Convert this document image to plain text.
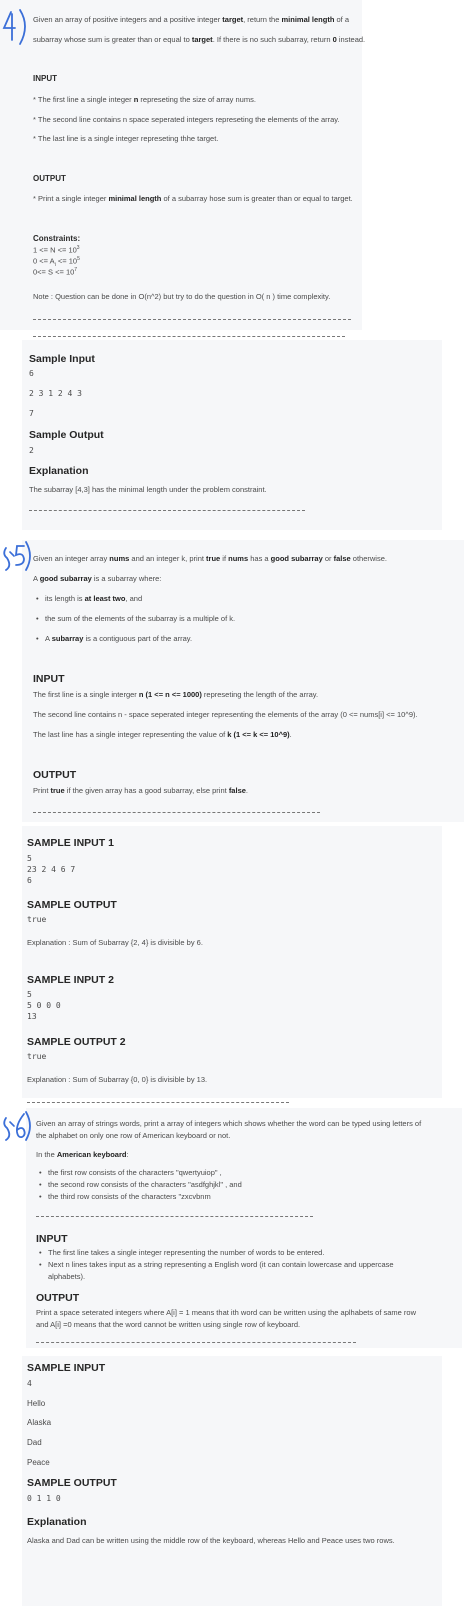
Given an array of positive integers and a positive integer target, return the minimal length of a
subarray whose sum is greater than or equal to target. If there is no such subarray, return 0 instead.
INPUT
* The first line a single integer n represeting the size of array nums.
* The second line contains n space seperated integers represeting the elements of the array.
* The last line is a single integer represeting thhe target.
OUTPUT
* Print a single integer minimal length of a subarray hose sum is greater than or equal to target.
Constraints:
$1 <= N <= 10^3$
$0 <= A_i <= 10^5$
$0<= S <= 10^7$
Note : Question can be done in O(n^2) but try to do the question in O( n ) time complexity.
Sample Input
6
2 3 1 2 4 3
7
Sample Output
2
Explanation
The subarray [4,3] has the minimal length under the problem constraint.
Given an integer array nums and an integer k, print true if nums has a good subarray or false otherwise.
A good subarray is a subarray where:
• its length is at least two, and
• the sum of the elements of the subarray is a multiple of k.
• A subarray is a contiguous part of the array.
INPUT
The first line is a single interger n (1 <= n <= 1000) represeting the length of the array.
The second line contains n - space seperated integer representing the elements of the array (0 <= nums[i] <= 10^9).
The last line has a single integer representing the value of k (1 <= k <= 10^9).
OUTPUT
Print true if the given array has a good subarray, else print false.
SAMPLE INPUT 1
5
23 2 4 6 7
6
SAMPLE OUTPUT
true
Explanation : Sum of Subarray {2, 4} is divisible by 6.
SAMPLE INPUT 2
5
5 0 0 0
13
SAMPLE OUTPUT 2
true
Explanation : Sum of Subarray {0, 0} is divisible by 13.
Given an array of strings words, print a array of integers which shows whether the word can be typed using letters of
the alphabet on only one row of American keyboard or not.
In the American keyboard:
• the first row consists of the characters "qwertyuiop" ,
• the second row consists of the characters "asdfghjkl" , and
• the third row consists of the characters "zxcvbnm
INPUT
• The first line takes a single integer representing the number of words to be entered.
• Next n lines takes input as a string representing a English word (it can contain lowercase and uppercase
alphabets).
OUTPUT
Print a space seterated integers where A[i] = 1 means that ith word can be written using the aplhabets of same row
and A[i] =0 means that the word cannot be written using single row of keyboard.
SAMPLE INPUT
4
Hello
Alaska
Dad
Peace
SAMPLE OUTPUT
0 1 1 0
Explanation
Alaska and Dad can be written using the middle row of the keyboard, whereas Hello and Peace uses two rows.
